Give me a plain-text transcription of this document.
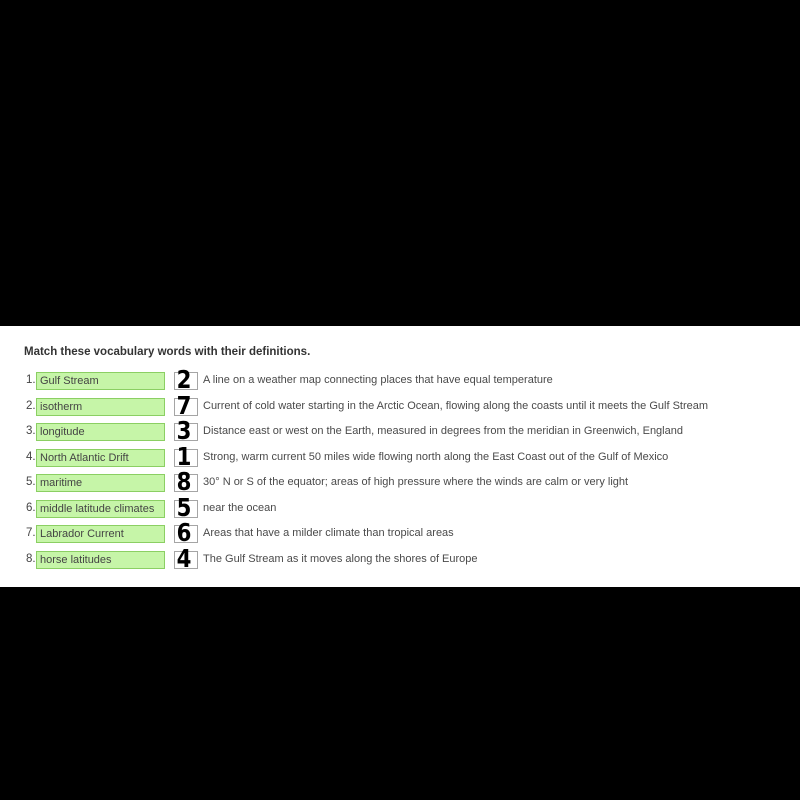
Match these vocabulary words with their definitions.
1. Gulf Stream	2 A line on a weather map connecting places that have equal temperature
2. isotherm	7 Current of cold water starting in the Arctic Ocean, flowing along the coasts until it meets the Gulf Stream
3. longitude	3 Distance east or west on the Earth, measured in degrees from the meridian in Greenwich, England
4. North Atlantic Drift	1 Strong, warm current 50 miles wide flowing north along the East Coast out of the Gulf of Mexico
5. maritime	8 30° N or S of the equator; areas of high pressure where the winds are calm or very light
6. middle latitude climates 5 near the ocean
7. Labrador Current	6 Areas that have a milder climate than tropical areas
8. horse latitudes	4 The Gulf Stream as it moves along the shores of Europe
